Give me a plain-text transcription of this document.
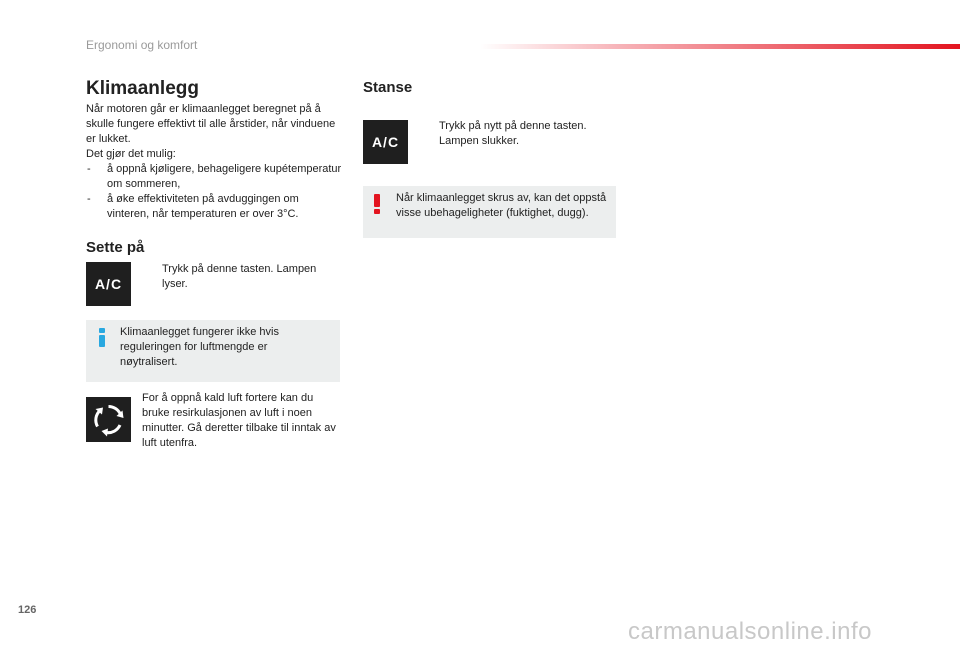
Ergonomi og komfort
Klimaanlegg

Når motoren går er klimaanlegget beregnet på å skulle fungere effektivt til alle årstider, når vinduene er lukket.

Det gjør det mulig:

- å oppnå kjøligere, behageligere kupétemperatur om sommeren,
- å øke effektiviteten på avduggingen om vinteren, når temperaturen er over 3°C.
Sette på
A/C
Trykk på denne tasten. Lampen lyser.
Klimaanlegget fungerer ikke hvis reguleringen for luftmengde er nøytralisert.
For å oppnå kald luft fortere kan du bruke resirkulasjonen av luft i noen minutter. Gå deretter tilbake til inntak av luft utenfra.
Stanse
A/C
Trykk på nytt på denne tasten. Lampen slukker.
Når klimaanlegget skrus av, kan det oppstå visse ubehageligheter (fuktighet, dugg).
126
carmanualsonline.info
